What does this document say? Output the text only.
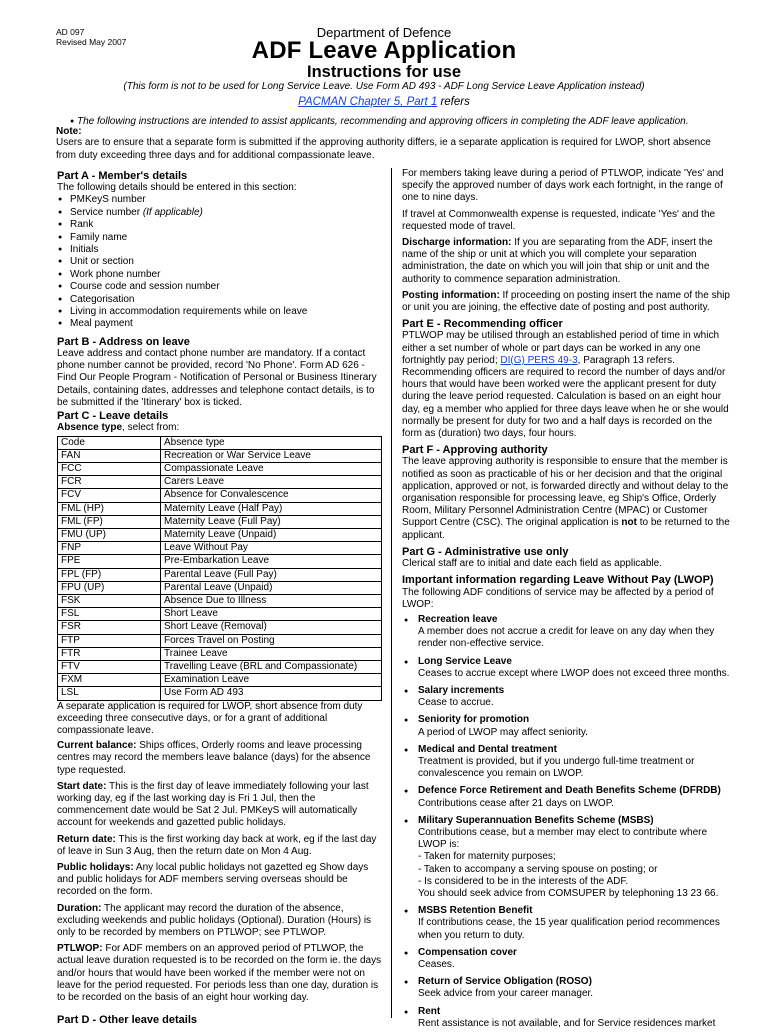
AD 097
Revised May 2007
Department of Defence
ADF Leave Application
Instructions for use
(This form is not to be used for Long Service Leave. Use Form AD 493 - ADF Long Service Leave Application instead)
PACMAN Chapter 5, Part 1 refers
● The following instructions are intended to assist applicants, recommending and approving officers in completing the ADF leave application.
Note:
Users are to ensure that a separate form is submitted if the approving authority differs, ie a separate application is required for LWOP, short absence from duty exceeding three days and for additional compassionate leave.
Part A - Member's details
The following details should be entered in this section:
● PMKeyS number
● Service number (If applicable)
● Rank
● Family name
● Initials
● Unit or section
● Work phone number
● Course code and session number
● Categorisation
● Living in accommodation requirements while on leave
● Meal payment
Part B - Address on leave
Leave address and contact phone number are mandatory. If a contact phone number cannot be provided, record 'No Phone'. Form AD 626 - Find Our People Program - Notification of Personal or Business Itinerary Details, containing dates, addresses and telephone contact details, is to be submitted if the 'Itinerary' box is ticked.
Part C - Leave details
Absence type, select from:
Code	Absence type
FAN	Recreation or War Service Leave
FCC	Compassionate Leave
FCR	Carers Leave
FCV	Absence for Convalescence
FML (HP)	Maternity Leave (Half Pay)
FML (FP)	Maternity Leave (Full Pay)
FMU (UP)	Maternity Leave (Unpaid)
FNP	Leave Without Pay
FPE	Pre-Embarkation Leave
FPL (FP)	Parental Leave (Full Pay)
FPU (UP)	Parental Leave (Unpaid)
FSK	Absence Due to Illness
FSL	Short Leave
FSR	Short Leave (Removal)
FTP	Forces Travel on Posting
FTR	Trainee Leave
FTV	Travelling Leave (BRL and Compassionate)
FXM	Examination Leave
LSL	Use Form AD 493
A separate application is required for LWOP, short absence from duty exceeding three consecutive days, or for a grant of additional compassionate leave.
Current balance: Ships offices, Orderly rooms and leave processing centres may record the members leave balance (days) for the absence type requested.
Start date: This is the first day of leave immediately following your last working day, eg if the last working day is Fri 1 Jul, then the commencement date would be Sat 2 Jul. PMKeyS will automatically account for weekends and gazetted public holidays.
Return date: This is the first working day back at work, eg if the last day of leave in Sun 3 Aug, then the return date on Mon 4 Aug.
Public holidays: Any local public holidays not gazetted eg Show days and public holidays for ADF members serving overseas should be recorded on the form.
Duration: The applicant may record the duration of the absence, excluding weekends and public holidays (Optional). Duration (Hours) is only to be recorded by members on PTLWOP; see PTLWOP.
PTLWOP: For ADF members on an approved period of PTLWOP, the actual leave duration requested is to be recorded on the form ie. the days and/or hours that would have been worked if the member were not on leave for the period requested. For periods less than one day, duration is to be recorded on the basis of an eight hour working day.
Part D - Other leave details
For members taking leave during a period of PTLWOP, indicate 'Yes' and specify the approved number of days work each fortnight, in the range of one to nine days.
If travel at Commonwealth expense is requested, indicate 'Yes' and the requested mode of travel.
Discharge information: If you are separating from the ADF, insert the name of the ship or unit at which you will complete your separation administration, the date on which you will join that ship or unit and the authority to commence separation administration.
Posting information: If proceeding on posting insert the name of the ship or unit you are joining, the effective date of posting and post authority.
Part E - Recommending officer
PTLWOP may be utilised through an established period of time in which either a set number of whole or part days can be worked in any one fortnightly pay period; DI(G) PERS 49-3, Paragraph 13 refers. Recommending officers are required to record the number of days and/or hours that would have been worked were the applicant present for duty during the leave period requested. Calculation is based on an eight hour day, eg a member who applied for three days leave when he or she would normally be present for duty for two and a half days is recorded on the form as (duration) two days, four hours.
Part F - Approving authority
The leave approving authority is responsible to ensure that the member is notified as soon as practicable of his or her decision and that the original application, approved or not, is forwarded directly and without delay to the organisation responsible for processing leave, eg Ship's Office, Orderly Room, Military Personnel Administration Centre (MPAC) or Customer Support Centre (CSC). The original application is not to be returned to the applicant.
Part G - Administrative use only
Clerical staff are to initial and date each field as applicable.
Important information regarding Leave Without Pay (LWOP)
The following ADF conditions of service may be affected by a period of LWOP:
● Recreation leave
A member does not accrue a credit for leave on any day when they render non-effective service.
● Long Service Leave
Ceases to accrue except where LWOP does not exceed three months.
● Salary increments
Cease to accrue.
● Seniority for promotion
A period of LWOP may affect seniority.
● Medical and Dental treatment
Treatment is provided, but if you undergo full-time treatment or convalescence you remain on LWOP.
● Defence Force Retirement and Death Benefits Scheme (DFRDB)
Contributions cease after 21 days on LWOP.
● Military Superannuation Benefits Scheme (MSBS)
Contributions cease, but a member may elect to contribute where LWOP is:
- Taken for maternity purposes;
- Taken to accompany a serving spouse on posting; or
- Is considered to be in the interests of the ADF.
You should seek advice from COMSUPER by telephoning 13 23 66.
● MSBS Retention Benefit
If contributions cease, the 15 year qualification period recommences when you return to duty.
● Compensation cover
Ceases.
● Return of Service Obligation (ROSO)
Seek advice from your career manager.
● Rent
Rent assistance is not available, and for Service residences market
